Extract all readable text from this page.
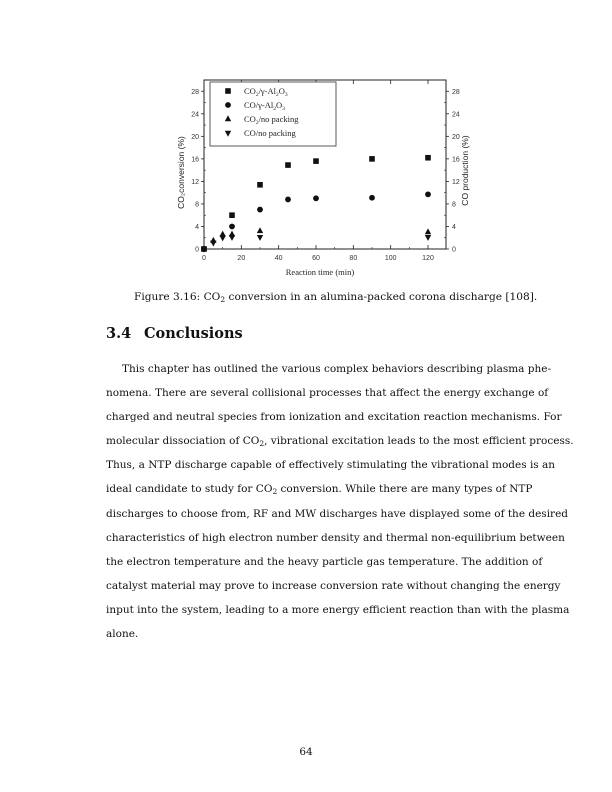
0	20	40	60	80	100	120
0	0
4	4
8	8
12	12
16	16
20	20
24	24
28	28
Reaction time (min)
CO₂conversion (%)	CO production (%)
$CO_2/\gamma-Al_2O_3$
$CO/\gamma-Al_2O_3$
$CO_2/no$ packing
CO/no packing
Figure 3.16: $CO_2$ conversion in an alumina-packed corona discharge [108].
3.4 Conclusions
This chapter has outlined the various complex behaviors describing plasma phe-
nomena. There are several collisional processes that affect the energy exchange of
charged and neutral species from ionization and excitation reaction mechanisms. For
molecular dissociation of $CO_2$, vibrational excitation leads to the most efficient process.
Thus, a NTP discharge capable of effectively stimulating the vibrational modes is an
ideal candidate to study for $CO_2$ conversion. While there are many types of NTP
discharges to choose from, RF and MW discharges have displayed some of the desired
characteristics of high electron number density and thermal non-equilibrium between
the electron temperature and the heavy particle gas temperature. The addition of
catalyst material may prove to increase conversion rate without changing the energy
input into the system, leading to a more energy efficient reaction than with the plasma
alone.
64
